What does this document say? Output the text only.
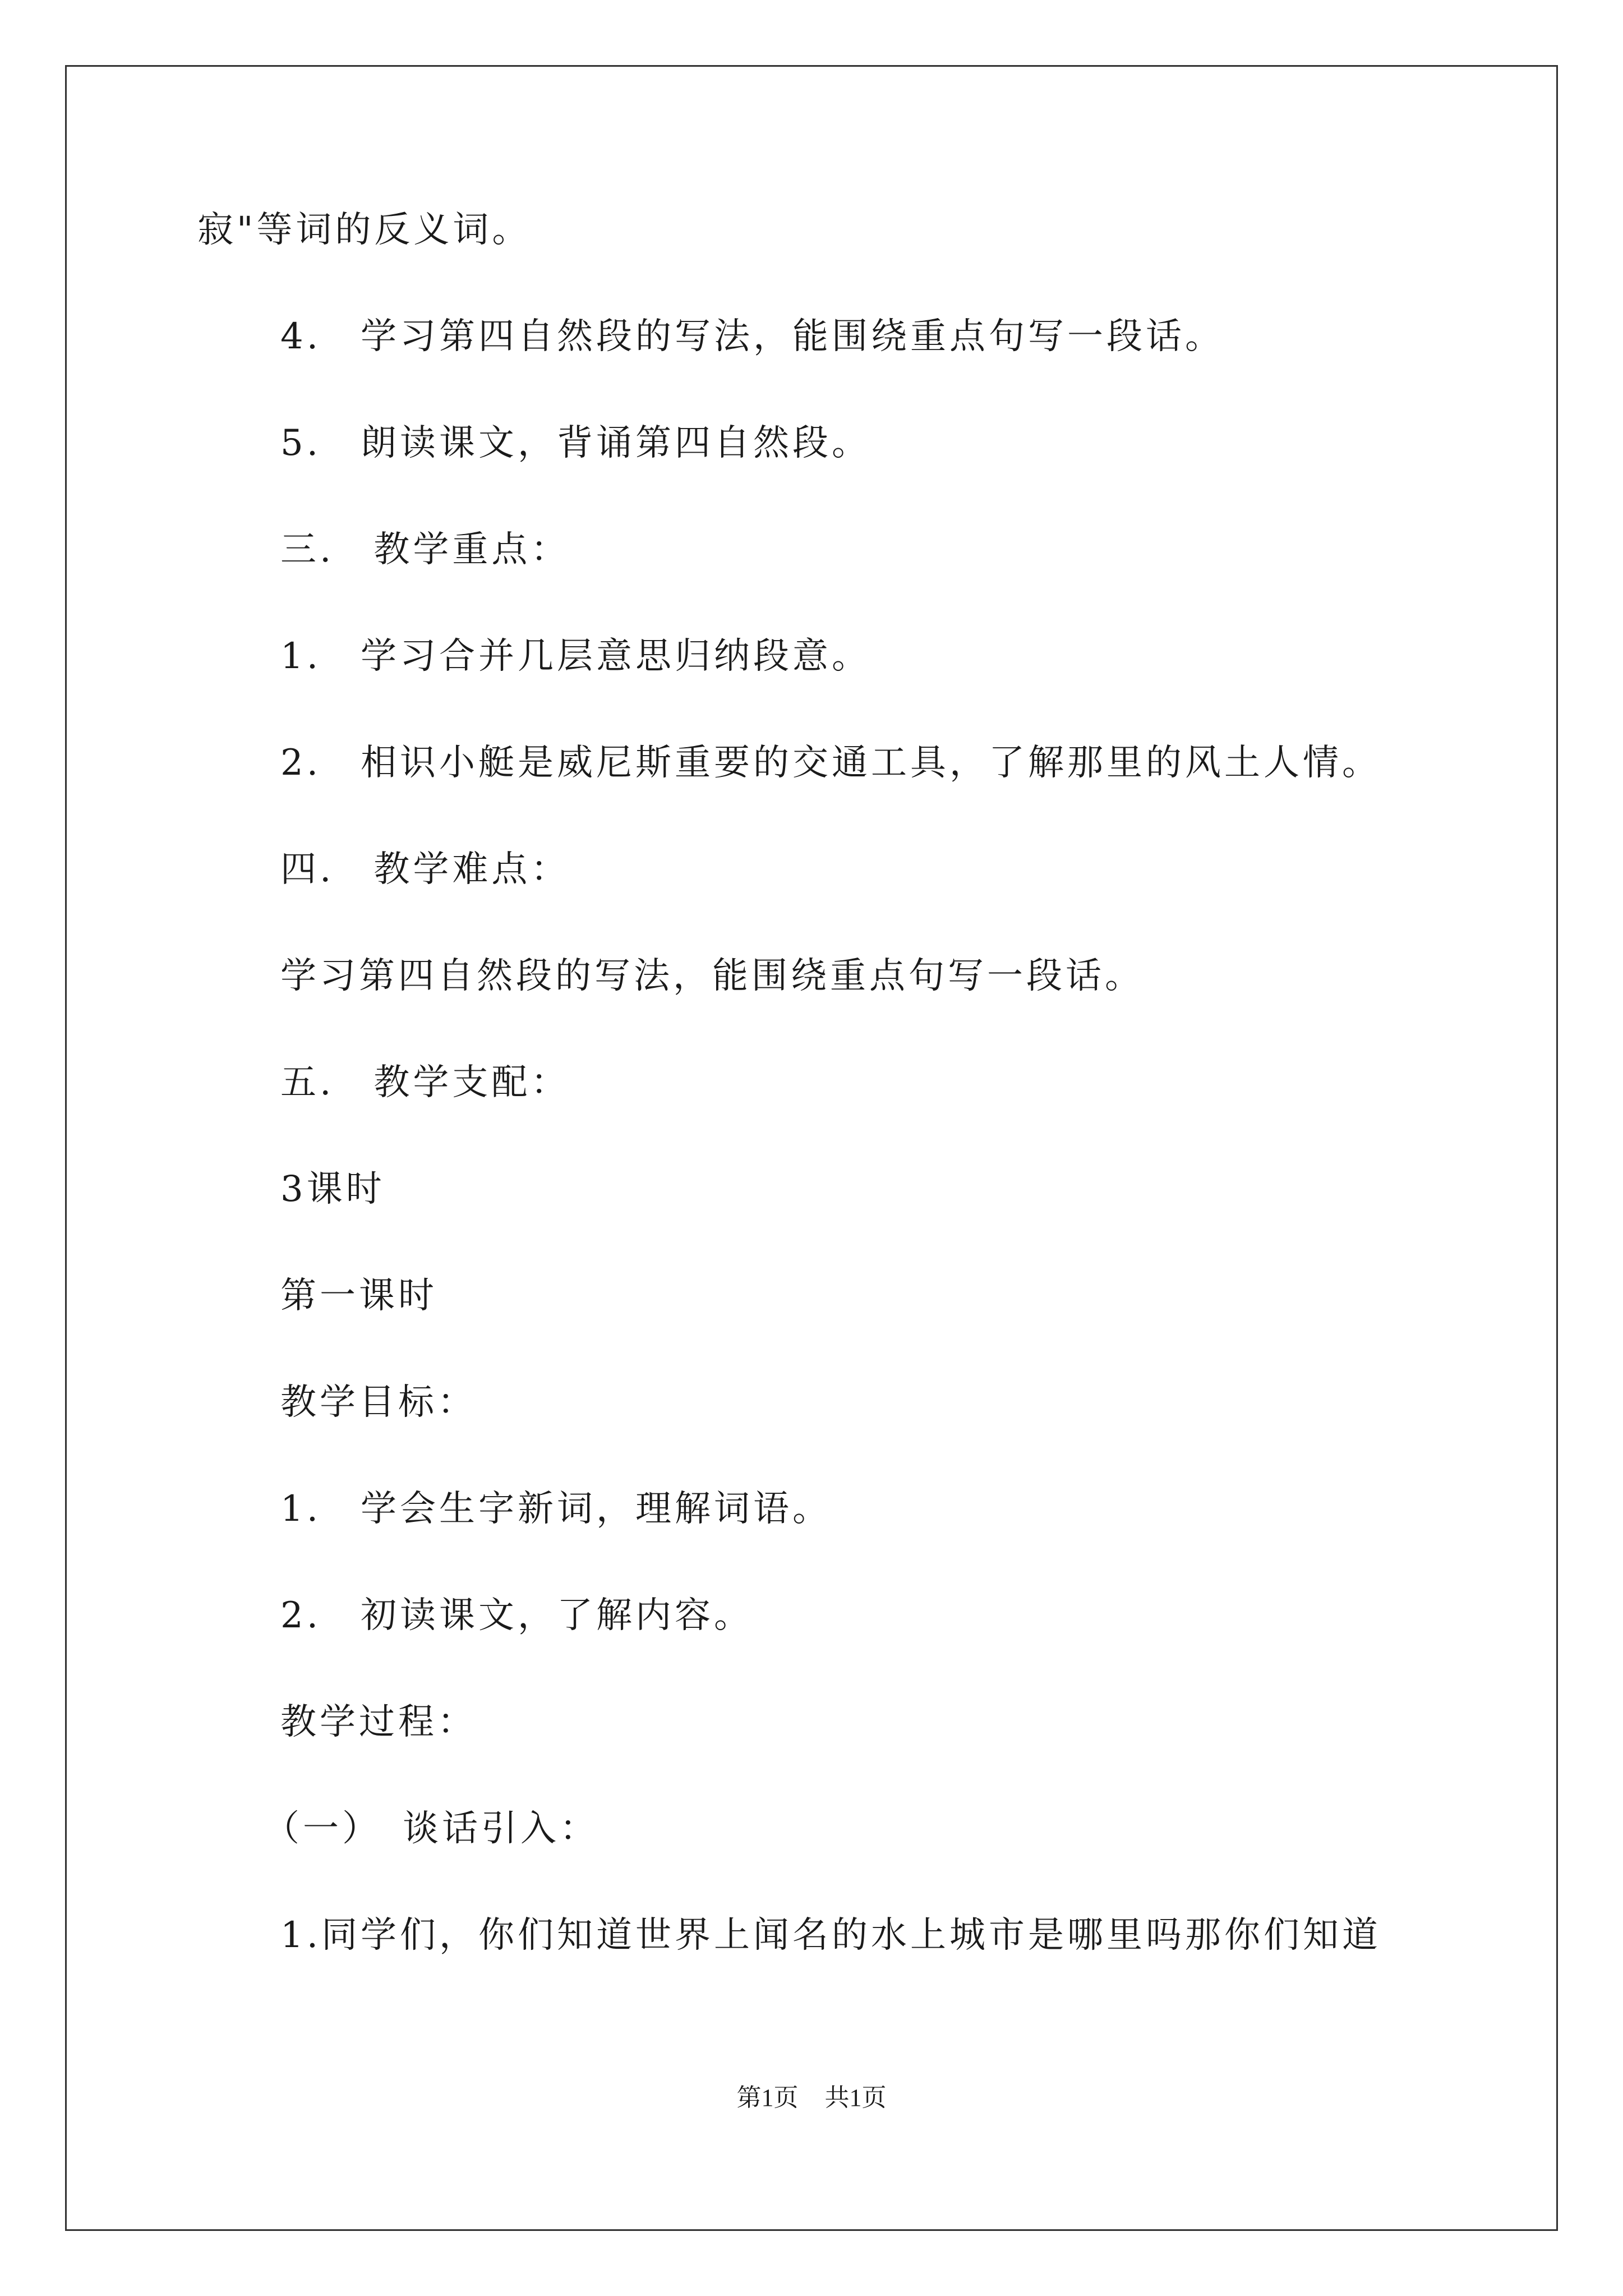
寂"等词的反义词。
4.　学习第四自然段的写法，能围绕重点句写一段话。
5.　朗读课文，背诵第四自然段。
三.　教学重点：
1.　学习合并几层意思归纳段意。
2.　相识小艇是威尼斯重要的交通工具，了解那里的风土人情。
四.　教学难点：
学习第四自然段的写法，能围绕重点句写一段话。
五.　教学支配：
3课时
第一课时
教学目标：
1.　学会生字新词，理解词语。
2.　初读课文，了解内容。
教学过程：
（一）　谈话引入：
1.同学们，你们知道世界上闻名的水上城市是哪里吗那你们知道
第1页 共1页
